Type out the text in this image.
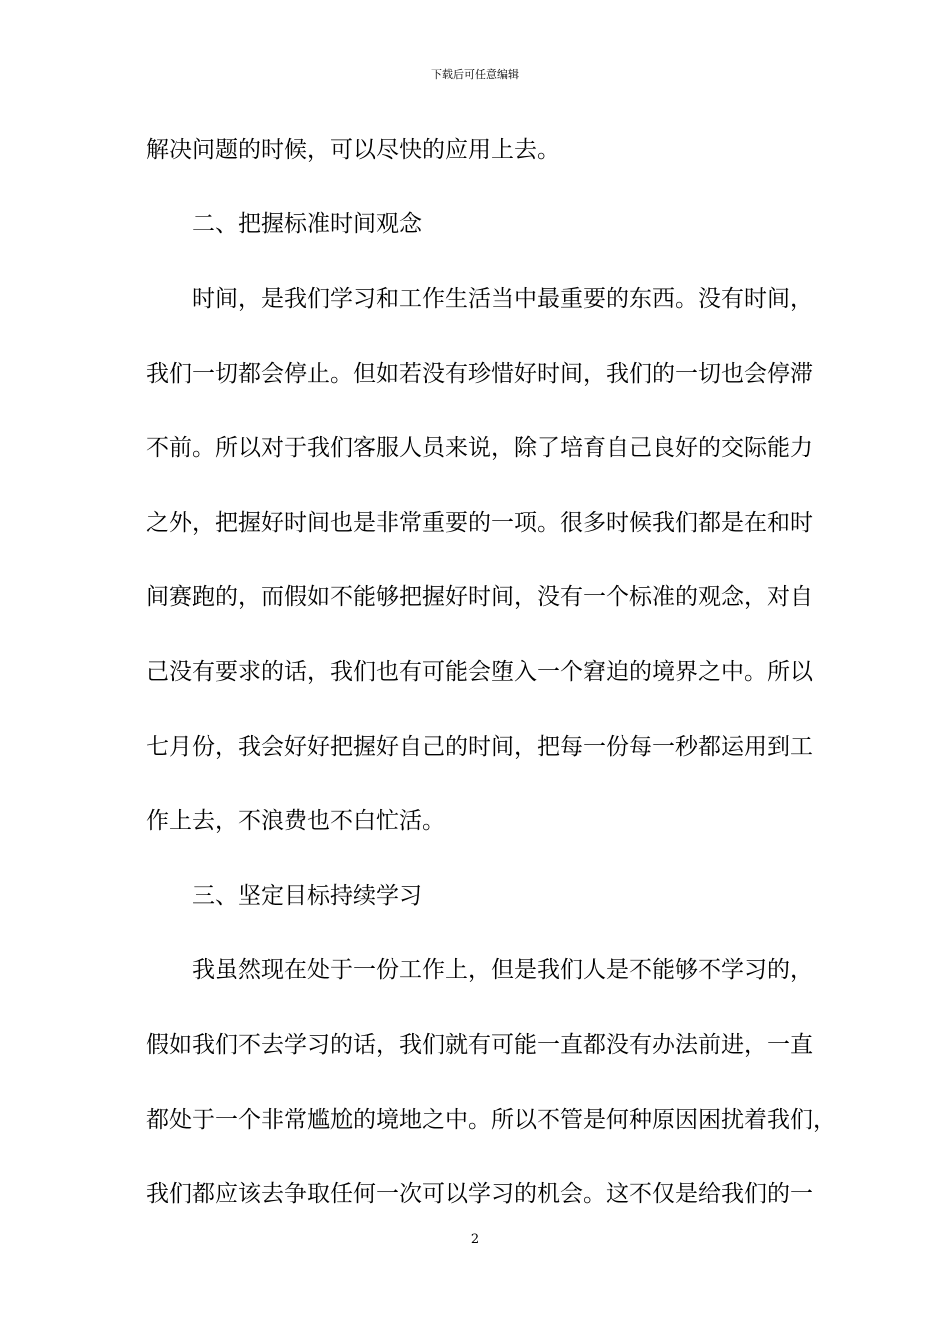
下载后可任意编辑
解决问题的时候，可以尽快的应用上去。
二、把握标准时间观念
时间，是我们学习和工作生活当中最重要的东西。没有时间，
我们一切都会停止。但如若没有珍惜好时间，我们的一切也会停滞
不前。所以对于我们客服人员来说，除了培育自己良好的交际能力
之外，把握好时间也是非常重要的一项。很多时候我们都是在和时
间赛跑的，而假如不能够把握好时间，没有一个标准的观念，对自
己没有要求的话，我们也有可能会堕入一个窘迫的境界之中。所以
七月份，我会好好把握好自己的时间，把每一份每一秒都运用到工
作上去，不浪费也不白忙活。
三、坚定目标持续学习
我虽然现在处于一份工作上，但是我们人是不能够不学习的，
假如我们不去学习的话，我们就有可能一直都没有办法前进，一直
都处于一个非常尴尬的境地之中。所以不管是何种原因困扰着我们，
我们都应该去争取任何一次可以学习的机会。这不仅是给我们的一
2
